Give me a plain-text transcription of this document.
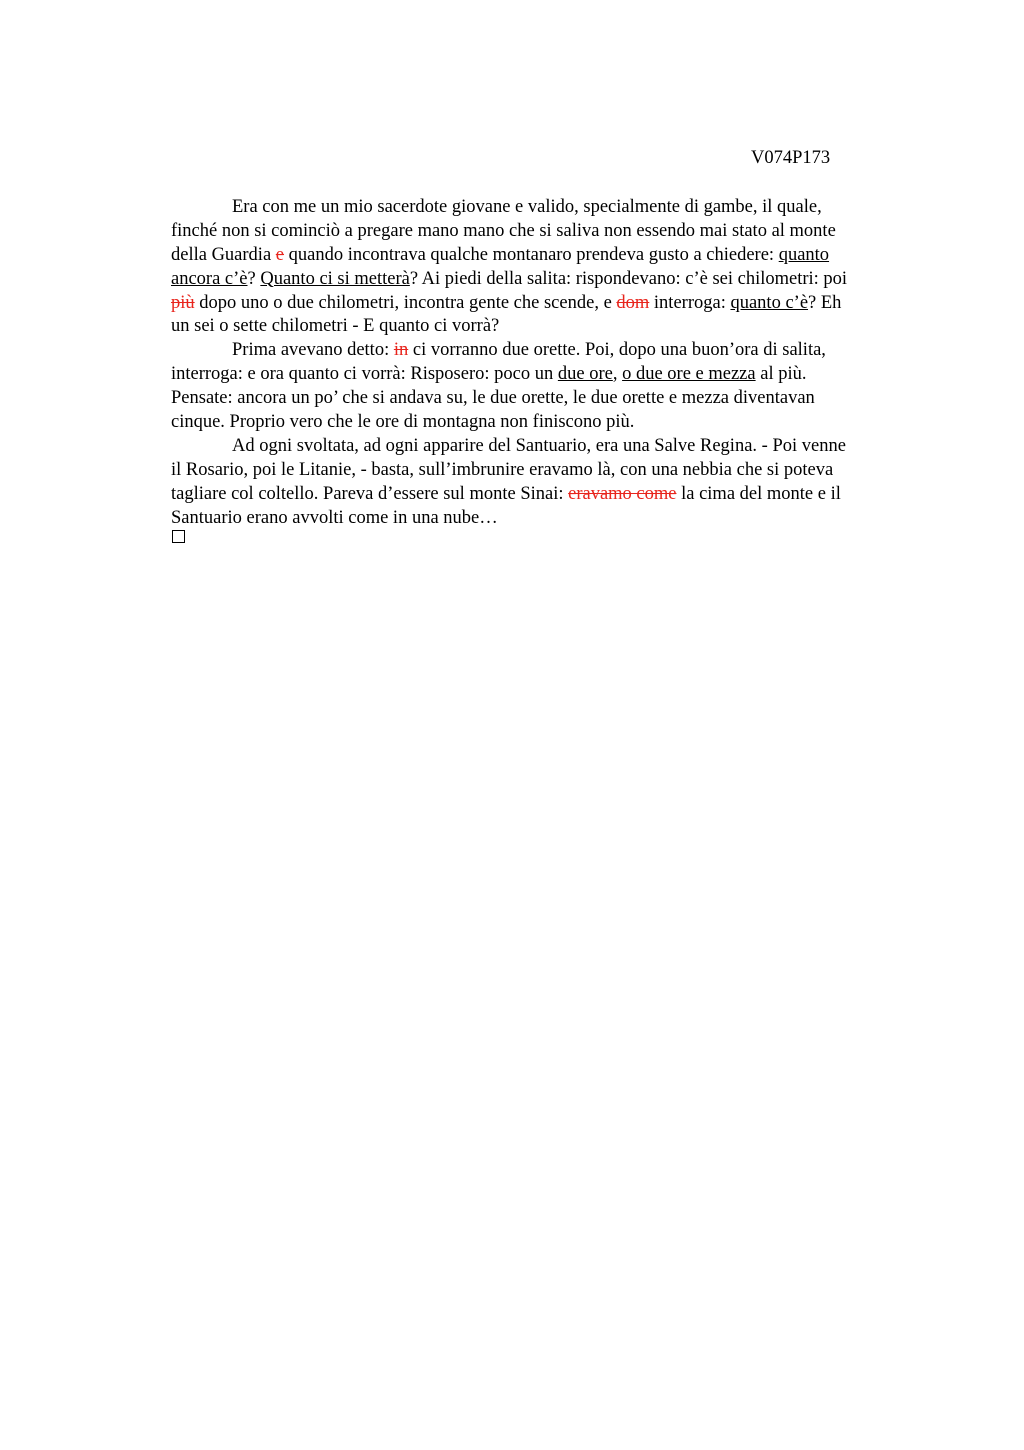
V074P173
Era con me un mio sacerdote giovane e valido, specialmente di gambe, il quale,
finché non si cominciò a pregare mano mano che si saliva non essendo mai stato al monte
della Guardia e quando incontrava qualche montanaro prendeva gusto a chiedere: quanto
ancora c’è? Quanto ci si metterà? Ai piedi della salita: rispondevano: c’è sei chilometri: poi
più dopo uno o due chilometri, incontra gente che scende, e dom interroga: quanto c’è? Eh
un sei o sette chilometri - E quanto ci vorrà?
Prima avevano detto: in ci vorranno due orette. Poi, dopo una buon’ora di salita,
interroga: e ora quanto ci vorrà: Risposero: poco un due ore, o due ore e mezza al più.
Pensate: ancora un po’ che si andava su, le due orette, le due orette e mezza diventavan
cinque. Proprio vero che le ore di montagna non finiscono più.
Ad ogni svoltata, ad ogni apparire del Santuario, era una Salve Regina. - Poi venne
il Rosario, poi le Litanie, - basta, sull’imbrunire eravamo là, con una nebbia che si poteva
tagliare col coltello. Pareva d’essere sul monte Sinai: eravamo come la cima del monte e il
Santuario erano avvolti come in una nube…
